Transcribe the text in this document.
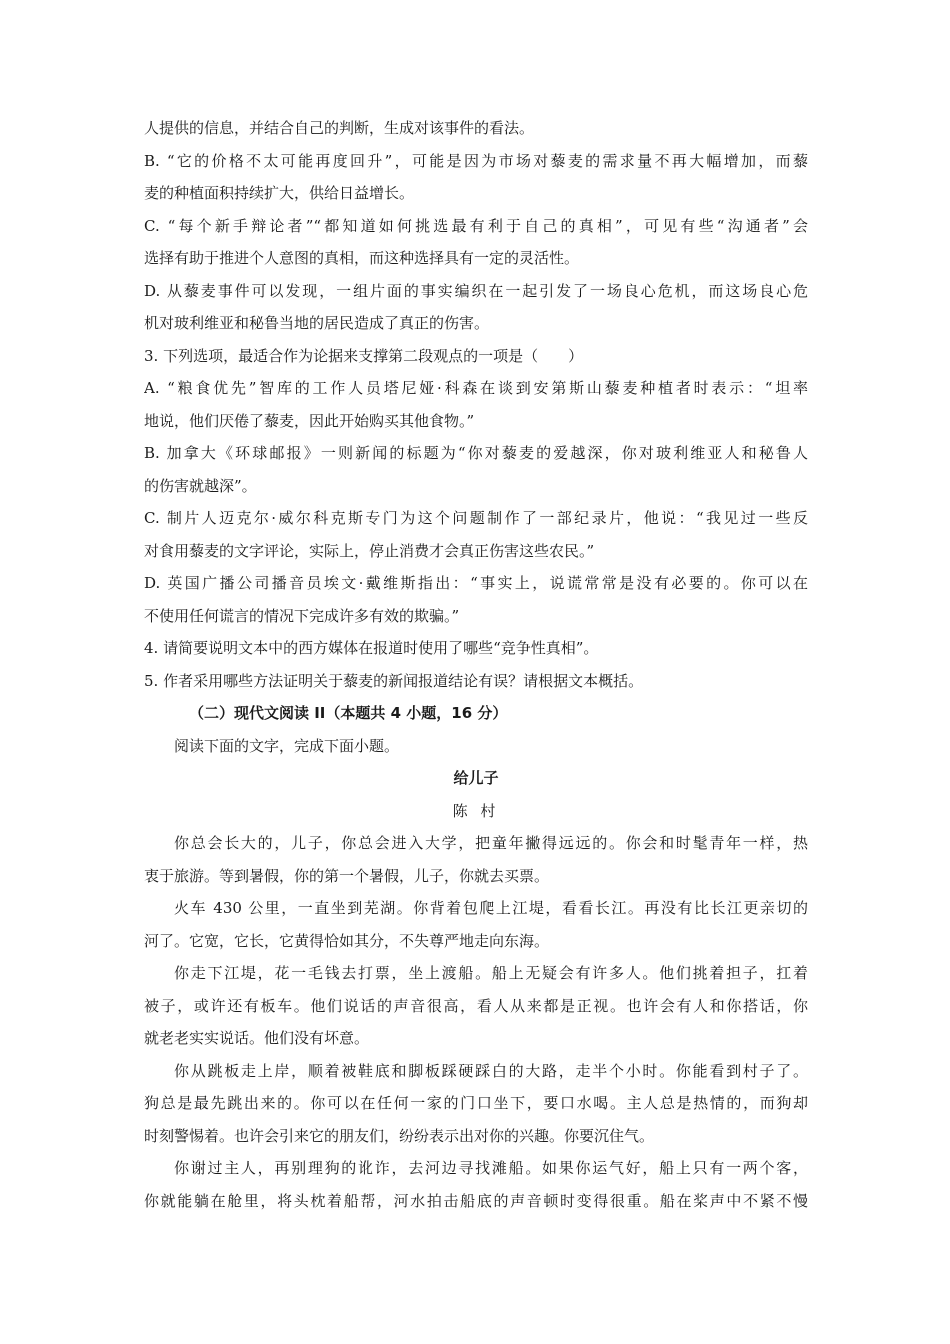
人提供的信息，并结合自己的判断，生成对该事件的看法。
B. “它的价格不太可能再度回升”，可能是因为市场对藜麦的需求量不再大幅增加，而藜
麦的种植面积持续扩大，供给日益增长。
C. “每个新手辩论者”“都知道如何挑选最有利于自己的真相”，可见有些“沟通者”会
选择有助于推进个人意图的真相，而这种选择具有一定的灵活性。
D. 从藜麦事件可以发现，一组片面的事实编织在一起引发了一场良心危机，而这场良心危
机对玻利维亚和秘鲁当地的居民造成了真正的伤害。
3. 下列选项，最适合作为论据来支撑第二段观点的一项是（　　）
A. “粮食优先”智库的工作人员塔尼娅·科森在谈到安第斯山藜麦种植者时表示：“坦率
地说，他们厌倦了藜麦，因此开始购买其他食物。”
B. 加拿大《环球邮报》一则新闻的标题为“你对藜麦的爱越深，你对玻利维亚人和秘鲁人
的伤害就越深”。
C. 制片人迈克尔·威尔科克斯专门为这个问题制作了一部纪录片，他说：“我见过一些反
对食用藜麦的文字评论，实际上，停止消费才会真正伤害这些农民。”
D. 英国广播公司播音员埃文·戴维斯指出：“事实上，说谎常常是没有必要的。你可以在
不使用任何谎言的情况下完成许多有效的欺骗。”
4. 请简要说明文本中的西方媒体在报道时使用了哪些“竞争性真相”。
5. 作者采用哪些方法证明关于藜麦的新闻报道结论有误？请根据文本概括。
（二）现代文阅读 II（本题共 4 小题，16 分）
阅读下面的文字，完成下面小题。
给儿子
陈 村
你总会长大的，儿子，你总会进入大学，把童年撇得远远的。你会和时髦青年一样，热
衷于旅游。等到暑假，你的第一个暑假，儿子，你就去买票。
火车 430 公里，一直坐到芜湖。你背着包爬上江堤，看看长江。再没有比长江更亲切的
河了。它宽，它长，它黄得恰如其分，不失尊严地走向东海。
你走下江堤，花一毛钱去打票，坐上渡船。船上无疑会有许多人。他们挑着担子，扛着
被子，或许还有板车。他们说话的声音很高，看人从来都是正视。也许会有人和你搭话，你
就老老实实说话。他们没有坏意。
你从跳板走上岸，顺着被鞋底和脚板踩硬踩白的大路，走半个小时。你能看到村子了。
狗总是最先跳出来的。你可以在任何一家的门口坐下，要口水喝。主人总是热情的，而狗却
时刻警惕着。也许会引来它的朋友们，纷纷表示出对你的兴趣。你要沉住气。
你谢过主人，再别理狗的讹诈，去河边寻找滩船。如果你运气好，船上只有一两个客，
你就能躺在舱里，将头枕着船帮，河水拍击船底的声音顿时变得很重。船在桨声中不紧不慢
